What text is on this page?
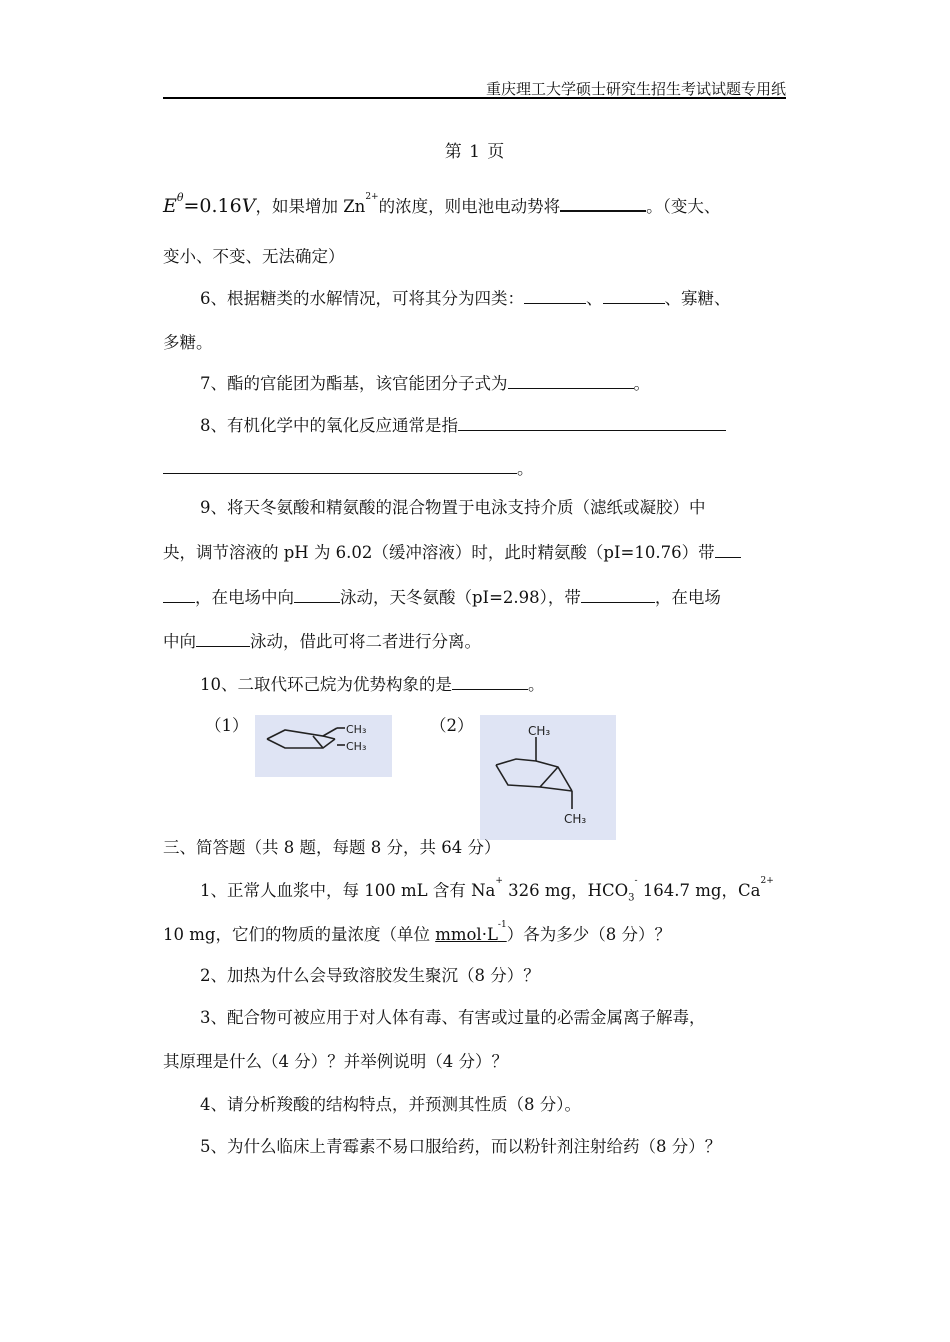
重庆理工大学硕士研究生招生考试试题专用纸
第 1 页
$E^\theta=0.16V$，如果增加 $Zn^{2+}$的浓度，则电池电动势将	。（变大、
变小、不变、无法确定）
6、根据糖类的水解情况，可将其分为四类：	、	、寡糖、
多糖。
7、酯的官能团为酯基，该官能团分子式为	。
8、有机化学中的氧化反应通常是指
。
9、将天冬氨酸和精氨酸的混合物置于电泳支持介质（滤纸或凝胶）中
央，调节溶液的 pH 为 6.02（缓冲溶液）时，此时精氨酸（pI=10.76）带
，在电场中向	泳动，天冬氨酸（pI=2.98），带	，在电场
中向	泳动，借此可将二者进行分离。
10、二取代环己烷为优势构象的是	。
（1）	CH₃
CH₃
（2）	CH₃
CH₃
三、简答题（共 8 题，每题 8 分，共 64 分）
1、正常人血浆中，每 100 mL 含有 Na+ 326 mg，$HCO_3^-$ 164.7 mg，$Ca^{2+}$
10 mg，它们的物质的量浓度（单位 $mmol\cdot L^{-1}$）各为多少（8 分）？
2、加热为什么会导致溶胶发生聚沉（8 分）？
3、配合物可被应用于对人体有毒、有害或过量的必需金属离子解毒，
其原理是什么（4 分）？并举例说明（4 分）？
4、请分析羧酸的结构特点，并预测其性质（8 分）。
5、为什么临床上青霉素不易口服给药，而以粉针剂注射给药（8 分）？
